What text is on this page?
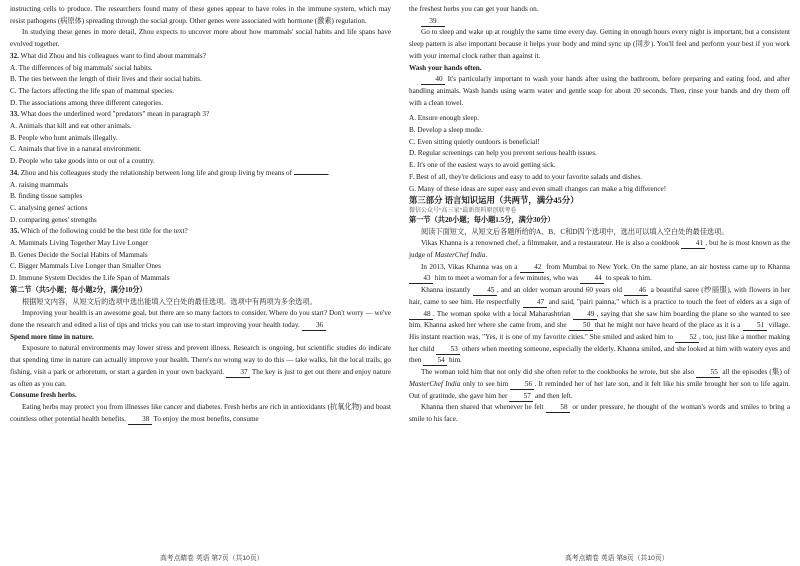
instructing cells to produce. The researchers found many of these genes appear to have roles in the immune system, which may resist pathogens (病原体) spreading through the social group. Other genes were associated with hormone (激素) regulation.

In studying these genes in more detail, Zhou expects to uncover more about how mammals' social habits and life spans have evolved together.

32. What did Zhou and his colleagues want to find about mammals?

A. The differences of big mammals' social habits.

B. The ties between the length of their lives and their social habits.

C. The factors affecting the life span of mammal species.

D. The associations among three different categories.

33. What does the underlined word "predators" mean in paragraph 3?

A. Animals that kill and eat other animals.

B. People who hunt animals illegally.

C. Animals that live in a natural environment.

D. People who take goods into or out of a country.

34. Zhou and his colleagues study the relationship between long life and group living by means of	.

A. raising mammals

B. finding tissue samples

C. analysing genes' actions

D. comparing genes' strengths

35. Which of the following could be the best title for the text?

A. Mammals Living Together May Live Longer

B. Genes Decide the Social Habits of Mammals

C. Bigger Mammals Live Longer than Smaller Ones

D. Immune System Decides the Life Span of Mammals

第二节（共5小题；每小题2分，满分10分）

根据短文内容，从短文后的选项中选出能填入空白处的最佳选项。选项中有两项为多余选项。

Improving your health is an awesome goal, but there are so many factors to consider. Where do you start? Don't worry — we've done the research and edited a list of tips and tricks you can use to start improving your health today. 36

Spend more time in nature.

Exposure to natural environments may lower stress and prevent illness. Research is ongoing, but scientific studies do indicate that spending time in nature can actually improve your health. There's no wrong way to do this — take walks, hit the local trails, go fishing, visit a park or arboretum, or start a garden in your own backyard. 37 The key is just to get out there and enjoy nature as often as you can.

Consume fresh herbs.

Eating herbs may protect you from illnesses like cancer and diabetes. Fresh herbs are rich in antioxidants (抗氧化物) and boast countless other potential health benefits. 38 To enjoy the most benefits, consume

the freshest herbs you can get your hands on.

39

Go to sleep and wake up at roughly the same time every day. Getting in enough hours every night is important, but a consistent sleep pattern is also important because it helps your body and mind sync up (同步). You'll feel and perform your best if you work with your internal clock rather than against it.

Wash your hands often.

40 It's particularly important to wash your hands after using the bathroom, before preparing and eating food, and after handling animals. Wash hands using warm water and gentle soap for about 20 seconds. Then, rinse your hands and dry them off with a clean towel.

A. Ensure enough sleep.

B. Develop a sleep mode.

C. Even sitting quietly outdoors is beneficial!

D. Regular screenings can help you prevent serious health issues.

E. It's one of the easiest ways to avoid getting sick.

F. Best of all, they're delicious and easy to add to your favorite salads and dishes.

G. Many of these ideas are super easy and even small changes can make a big difference!

第三部分 语言知识运用（共两节，满分45分）

微信公众号“高三家”最新资料原创联考卷

第一节（共20小题；每小题1.5分，满分30分）

阅读下面短文，从短文后各题所给的A、B、C和D四个选项中，选出可以填入空白处的最佳选项。

Vikas Khanna is a renowned chef, a filmmaker, and a restaurateur. He is also a cookbook 41 , but he is most known as the judge of MasterChef India.

In 2013, Vikas Khanna was on a 42 from Mumbai to New York. On the same plane, an air hostess came up to Khanna 43 him to meet a woman for a few minutes, who was 44 to speak to him.

Khanna instantly 45 , and an older woman around 60 years old 46 a beautiful saree (纱丽服), with flowers in her hair, came to see him. He respectfully 47 and said, "pairi painna," which is a practice to touch the feet of elders as a sign of 48 . The woman spoke with a local Maharashtrian 49 , saying that she saw him boarding the plane so she wanted to see him. Khanna asked her where she came from, and she 50 that he might not have heard of the place as it is a 51 village. His instant reaction was, "Yes, it is one of my favorite cities." She smiled and asked him to 52 , too, just like a mother making her child 53 others when meeting someone, especially the elderly. Khanna smiled, and she looked at him with watery eyes and then 54 him.

The woman told him that not only did she often refer to the cookbooks he wrote, but she also 55 all the episodes (集) of MasterChef India only to see him 56 . It reminded her of her late son, and it felt like his smile brought her son to life again. Out of gratitude, she gave him her 57 and then left.

Khanna then shared that whenever he felt 58 or under pressure, he thought of the woman's words and smiles to bring a smile to his face.

高考点睛卷 英语 第7页（共10页）	高考点睛卷 英语 第8页（共10页）
